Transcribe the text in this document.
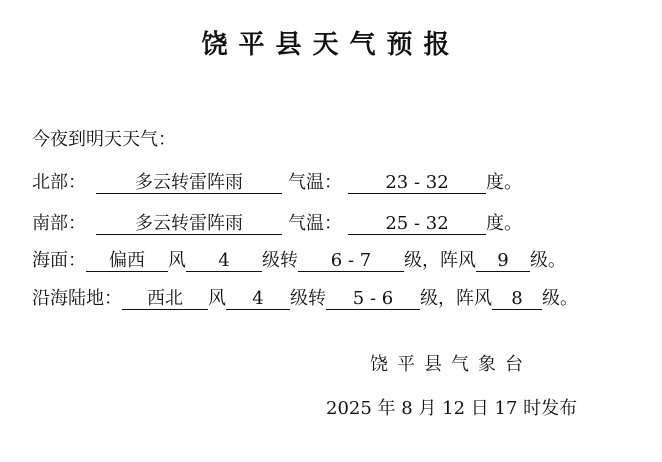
饶平县天气预报
今夜到明天天气：
北部：	多云转雷阵雨	气温：	23 - 32	度。
南部：	多云转雷阵雨	气温：	25 - 32	度。
海面：	偏西	风	4	级转	6 - 7	级，阵风	9	级。
沿海陆地：	西北	风	4	级转	5 - 6	级，阵风	8	级。
饶平县气象台
2025 年 8 月 12 日 17 时发布
